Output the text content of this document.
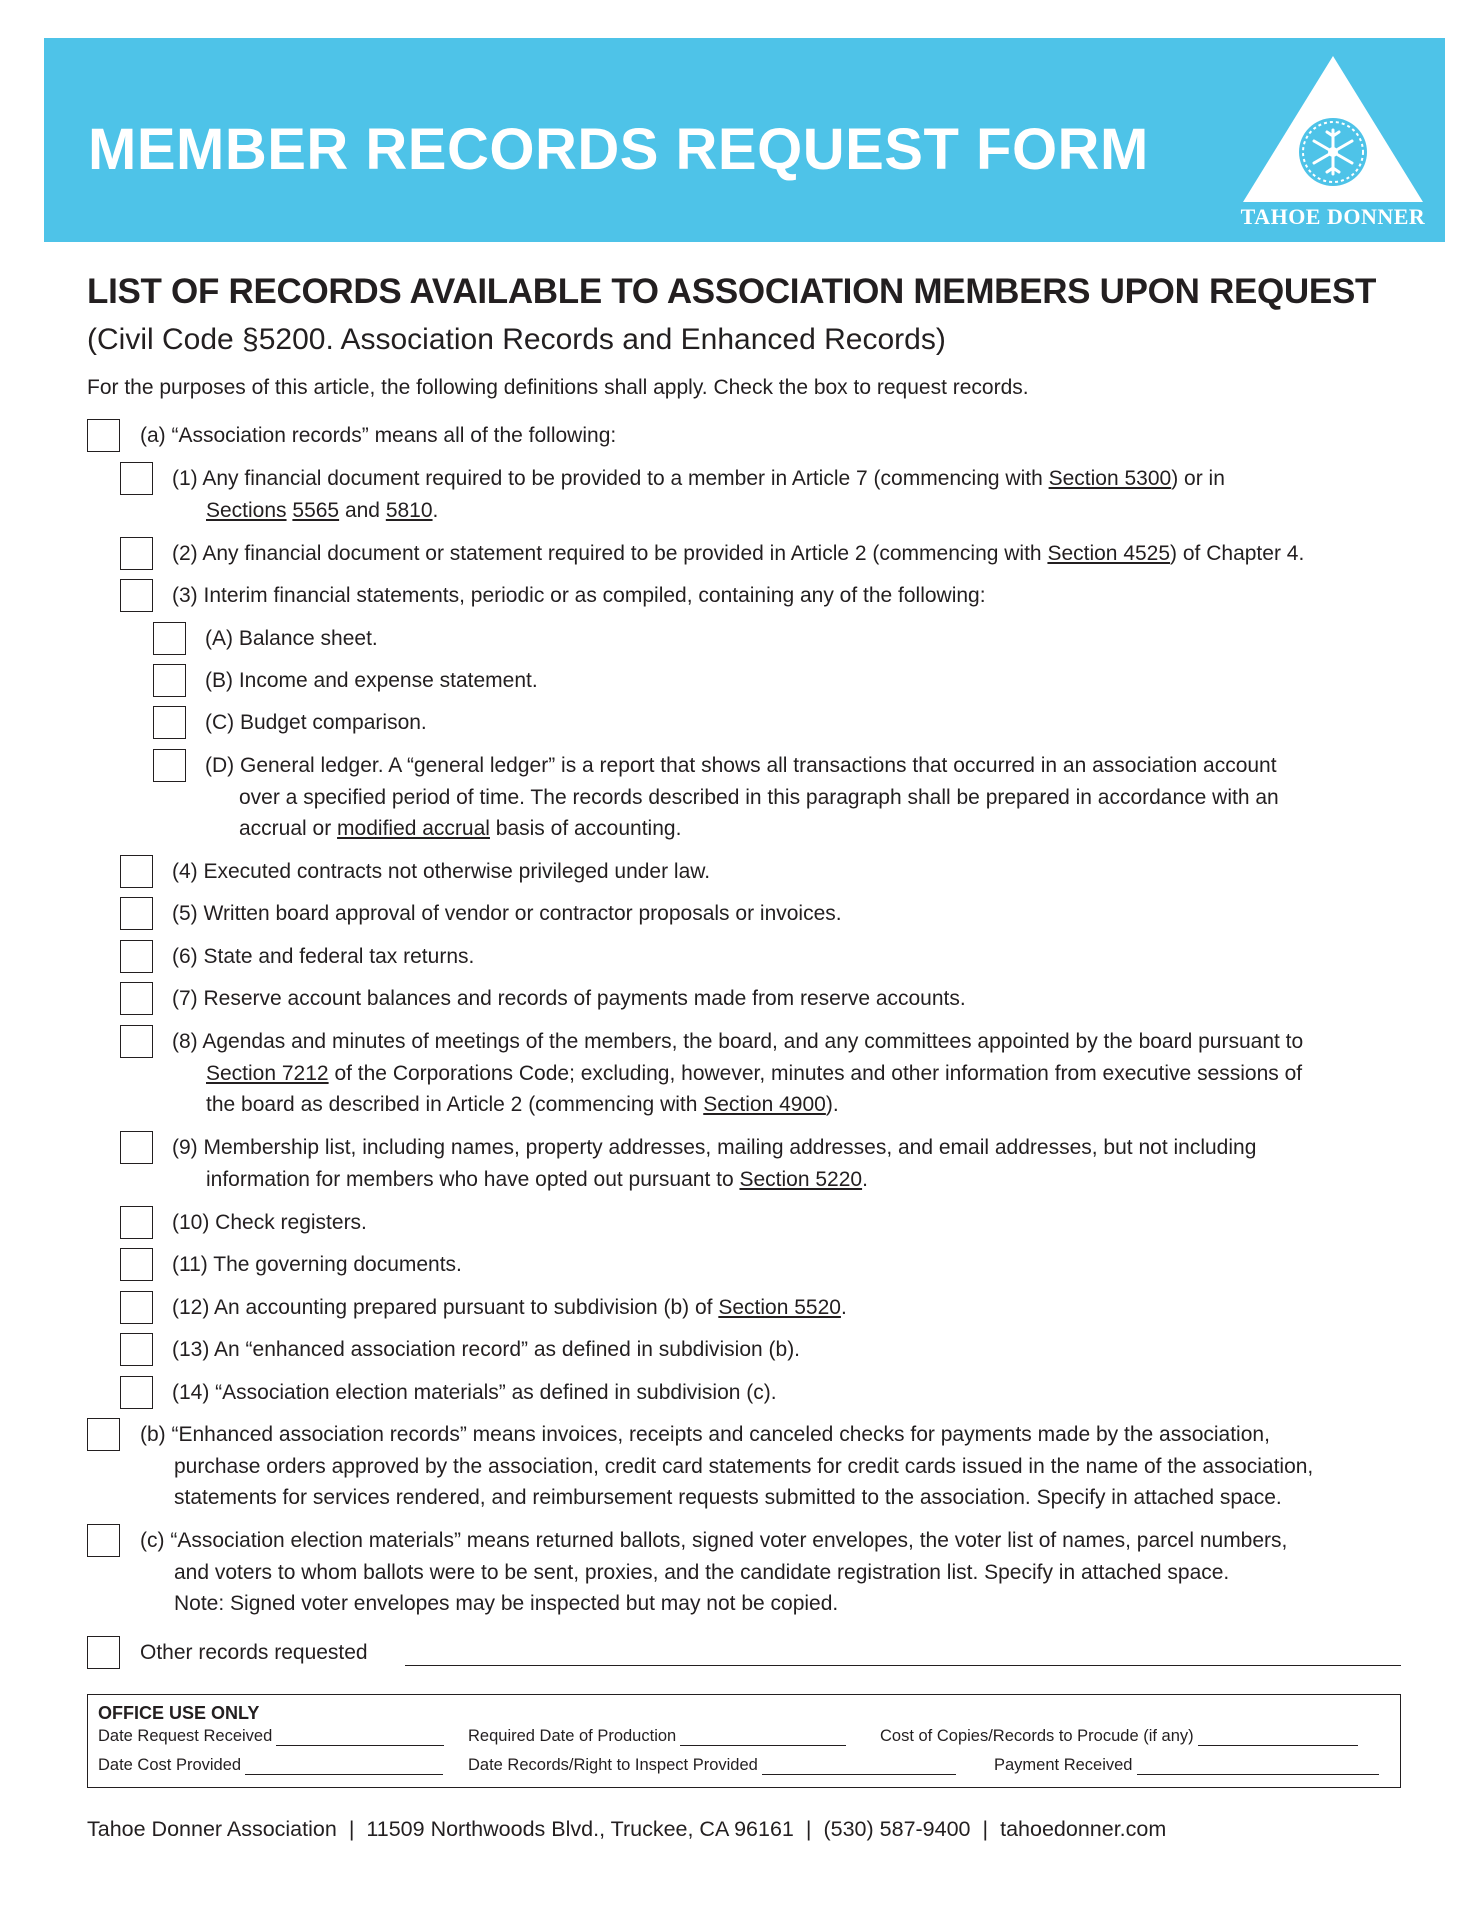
MEMBER RECORDS REQUEST FORM
TAHOE DONNER
LIST OF RECORDS AVAILABLE TO ASSOCIATION MEMBERS UPON REQUEST
(Civil Code §5200. Association Records and Enhanced Records)
For the purposes of this article, the following definitions shall apply. Check the box to request records.
(a) “Association records” means all of the following:
(1) Any financial document required to be provided to a member in Article 7 (commencing with Section 5300) or in
Sections 5565 and 5810.
(2) Any financial document or statement required to be provided in Article 2 (commencing with Section 4525) of Chapter 4.
(3) Interim financial statements, periodic or as compiled, containing any of the following:
(A) Balance sheet.
(B) Income and expense statement.
(C) Budget comparison.
(D) General ledger. A “general ledger” is a report that shows all transactions that occurred in an association account
over a specified period of time. The records described in this paragraph shall be prepared in accordance with an
accrual or modified accrual basis of accounting.
(4) Executed contracts not otherwise privileged under law.
(5) Written board approval of vendor or contractor proposals or invoices.
(6) State and federal tax returns.
(7) Reserve account balances and records of payments made from reserve accounts.
(8) Agendas and minutes of meetings of the members, the board, and any committees appointed by the board pursuant to
Section 7212 of the Corporations Code; excluding, however, minutes and other information from executive sessions of
the board as described in Article 2 (commencing with Section 4900).
(9) Membership list, including names, property addresses, mailing addresses, and email addresses, but not including
information for members who have opted out pursuant to Section 5220.
(10) Check registers.
(11) The governing documents.
(12) An accounting prepared pursuant to subdivision (b) of Section 5520.
(13) An “enhanced association record” as defined in subdivision (b).
(14) “Association election materials” as defined in subdivision (c).
(b) “Enhanced association records” means invoices, receipts and canceled checks for payments made by the association,
purchase orders approved by the association, credit card statements for credit cards issued in the name of the association,
statements for services rendered, and reimbursement requests submitted to the association. Specify in attached space.
(c) “Association election materials” means returned ballots, signed voter envelopes, the voter list of names, parcel numbers,
and voters to whom ballots were to be sent, proxies, and the candidate registration list. Specify in attached space.
Note: Signed voter envelopes may be inspected but may not be copied.
Other records requested
OFFICE USE ONLY
Date Request Received	Required Date of Production	Cost of Copies/Records to Procude (if any)
Date Cost Provided	Date Records/Right to Inspect Provided	Payment Received
Tahoe Donner Association | 11509 Northwoods Blvd., Truckee, CA 96161 | (530) 587-9400 | tahoedonner.com
